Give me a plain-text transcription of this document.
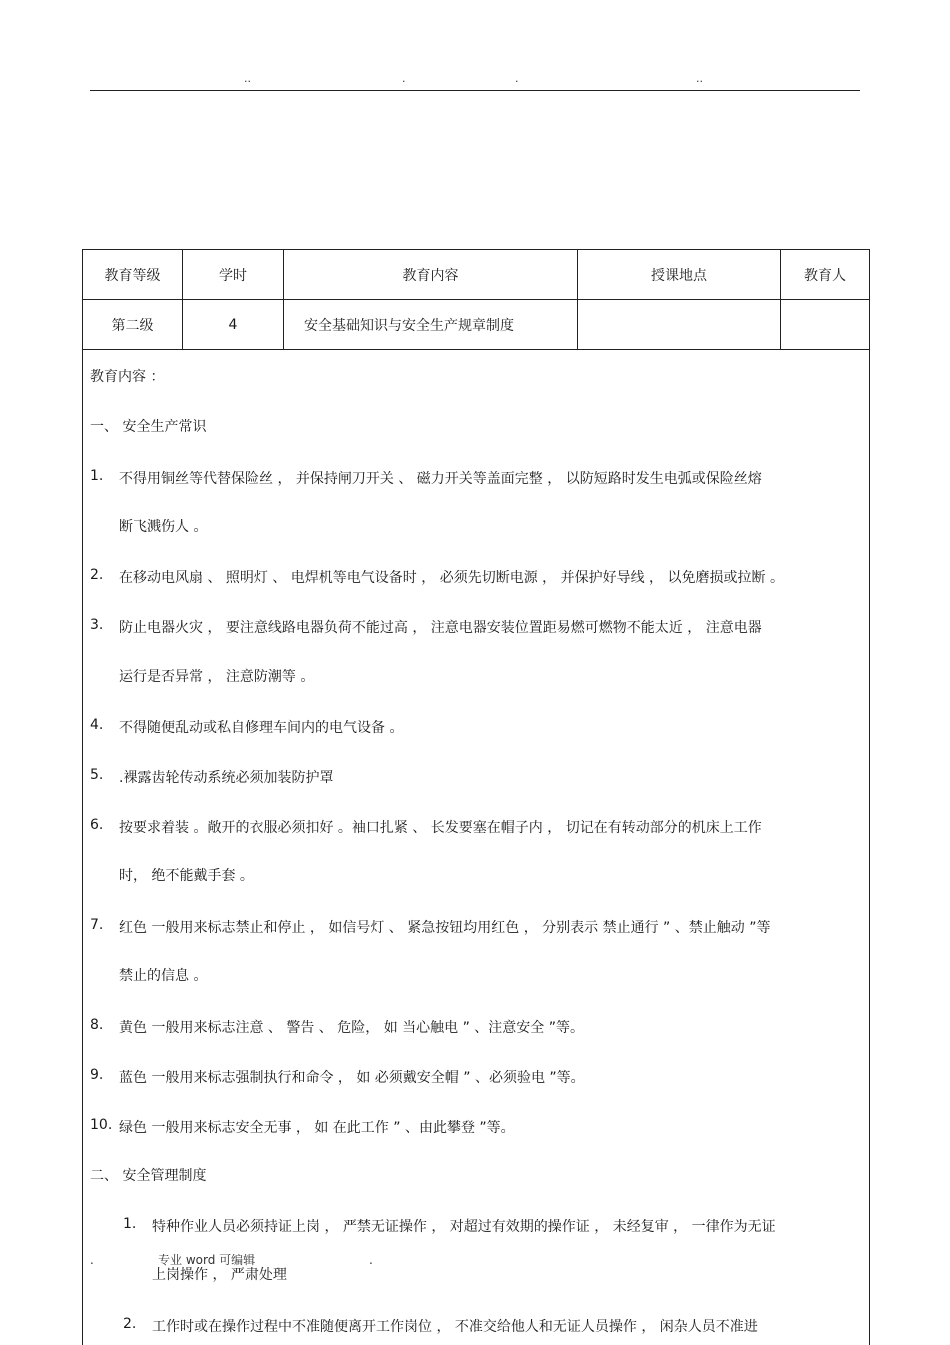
..	.	.	..
教育等级	学时	教育内容	授课地点	教育人
第二级	4	安全基础知识与安全生产规章制度
教育内容 ：
一、 安全生产常识
1. 不得用铜丝等代替保险丝 ， 并保持闸刀开关 、 磁力开关等盖面完整 ， 以防短路时发生电弧或保险丝熔
断飞溅伤人 。
2. 在移动电风扇 、 照明灯 、 电焊机等电气设备时 ， 必须先切断电源 ， 并保护好导线 ， 以免磨损或拉断 。
3. 防止电器火灾 ， 要注意线路电器负荷不能过高 ， 注意电器安装位置距易燃可燃物不能太近 ， 注意电器
运行是否异常 ， 注意防潮等 。
4. 不得随便乱动或私自修理车间内的电气设备 。
5. .裸露齿轮传动系统必须加装防护罩
6. 按要求着装 。敞开的衣服必须扣好 。袖口扎紧 、 长发要塞在帽子内 ， 切记在有转动部分的机床上工作
时， 绝不能戴手套 。
7. 红色 一般用来标志禁止和停止 ， 如信号灯 、 紧急按钮均用红色 ， 分别表示 禁止通行 ” 、禁止触动 ”等
禁止的信息 。
8. 黄色 一般用来标志注意 、 警告 、 危险， 如 当心触电 ” 、注意安全 ”等。
9. 蓝色 一般用来标志强制执行和命令 ， 如 必须戴安全帽 ” 、必须验电 ”等。
10. 绿色 一般用来标志安全无事 ， 如 在此工作 ” 、由此攀登 ”等。
二、 安全管理制度
1. 特种作业人员必须持证上岗 ， 严禁无证操作 ， 对超过有效期的操作证 ， 未经复审 ， 一律作为无证
上岗操作 ， 严肃处理
.	专业 word 可编辑	.
2. 工作时或在操作过程中不准随便离开工作岗位 ， 不准交给他人和无证人员操作 ， 闲杂人员不准进
